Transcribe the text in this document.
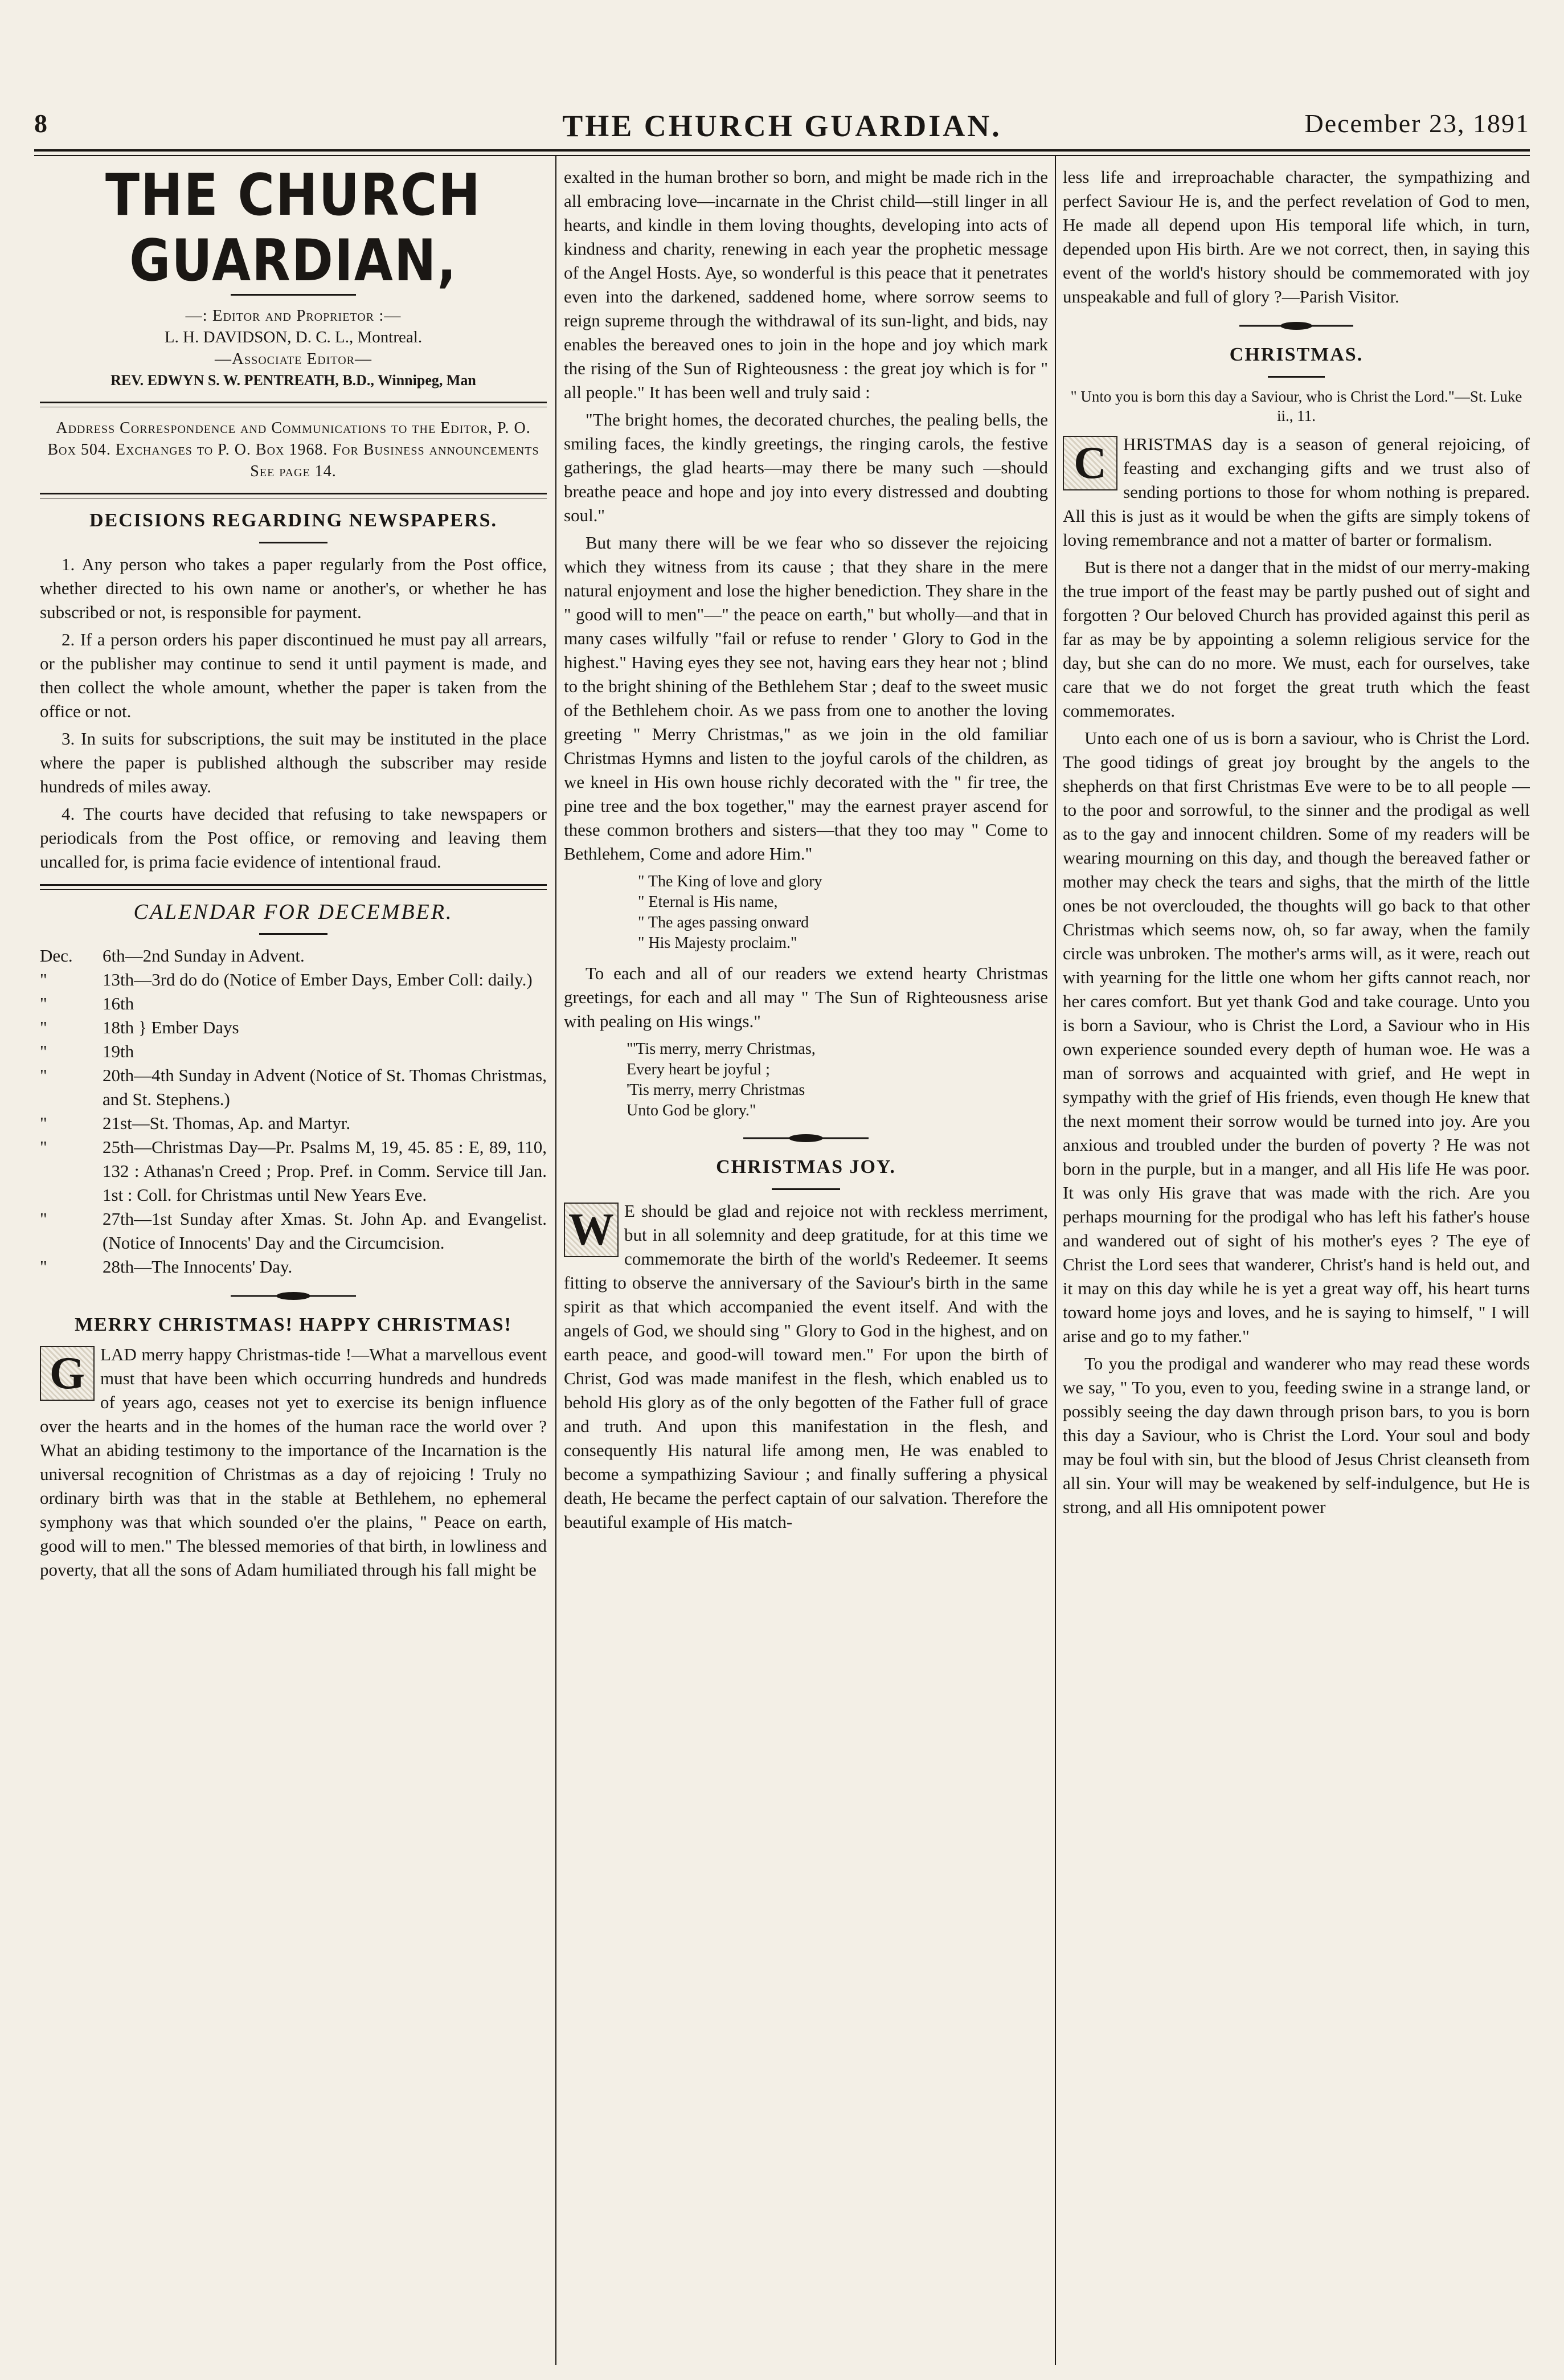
8	THE CHURCH GUARDIAN.	December 23, 1891
THE CHURCH GUARDIAN,
—: Editor and Proprietor :—
L. H. DAVIDSON, D. C. L., Montreal.
—Associate Editor—
REV. EDWYN S. W. PENTREATH, B.D., Winnipeg, Man

Address Correspondence and Communications to the Editor, P. O. Box 504. Exchanges to P. O. Box 1968. For Business announcements See page 14.

DECISIONS REGARDING NEWSPAPERS.

1. Any person who takes a paper regularly from the Post office, whether directed to his own name or another's, or whether he has subscribed or not, is responsible for payment.

2. If a person orders his paper discontinued he must pay all arrears, or the publisher may continue to send it until payment is made, and then collect the whole amount, whether the paper is taken from the office or not.

3. In suits for subscriptions, the suit may be instituted in the place where the paper is published although the subscriber may reside hundreds of miles away.

4. The courts have decided that refusing to take newspapers or periodicals from the Post office, or removing and leaving them uncalled for, is prima facie evidence of intentional fraud.

CALENDAR FOR DECEMBER.
Dec.	6th—2nd Sunday in Advent.
"	13th—3rd do do (Notice of Ember Days, Ember Coll: daily.)
"	16th
"	18th } Ember Days
"	19th
"	20th—4th Sunday in Advent (Notice of St. Thomas Christmas, and St. Stephens.)
"	21st—St. Thomas, Ap. and Martyr.
"	25th—Christmas Day—Pr. Psalms M, 19, 45. 85 : E, 89, 110, 132 : Athanas'n Creed ; Prop. Pref. in Comm. Service till Jan. 1st : Coll. for Christmas until New Years Eve.
"	27th—1st Sunday after Xmas. St. John Ap. and Evangelist. (Notice of Innocents' Day and the Circumcision.
"	28th—The Innocents' Day.
MERRY CHRISTMAS! HAPPY CHRISTMAS!

G LAD merry happy Christmas-tide !—What a marvellous event must that have been which occurring hundreds and hundreds of years ago, ceases not yet to exercise its benign influence over the hearts and in the homes of the human race the world over ? What an abiding testimony to the importance of the Incarnation is the universal recognition of Christmas as a day of rejoicing ! Truly no ordinary birth was that in the stable at Bethlehem, no ephemeral symphony was that which sounded o'er the plains, " Peace on earth, good will to men." The blessed memories of that birth, in lowliness and poverty, that all the sons of Adam humiliated through his fall might be

exalted in the human brother so born, and might be made rich in the all embracing love—incarnate in the Christ child—still linger in all hearts, and kindle in them loving thoughts, developing into acts of kindness and charity, renewing in each year the prophetic message of the Angel Hosts. Aye, so wonderful is this peace that it penetrates even into the darkened, saddened home, where sorrow seems to reign supreme through the withdrawal of its sun-light, and bids, nay enables the bereaved ones to join in the hope and joy which mark the rising of the Sun of Righteousness : the great joy which is for " all people." It has been well and truly said :

"The bright homes, the decorated churches, the pealing bells, the smiling faces, the kindly greetings, the ringing carols, the festive gatherings, the glad hearts—may there be many such —should breathe peace and hope and joy into every distressed and doubting soul."

But many there will be we fear who so dissever the rejoicing which they witness from its cause ; that they share in the mere natural enjoyment and lose the higher benediction. They share in the " good will to men"—" the peace on earth," but wholly—and that in many cases wilfully "fail or refuse to render ' Glory to God in the highest." Having eyes they see not, having ears they hear not ; blind to the bright shining of the Bethlehem Star ; deaf to the sweet music of the Bethlehem choir. As we pass from one to another the loving greeting " Merry Christmas," as we join in the old familiar Christmas Hymns and listen to the joyful carols of the children, as we kneel in His own house richly decorated with the " fir tree, the pine tree and the box together," may the earnest prayer ascend for these common brothers and sisters—that they too may " Come to Bethlehem, Come and adore Him."

" The King of love and glory
" Eternal is His name,
" The ages passing onward
" His Majesty proclaim."

To each and all of our readers we extend hearty Christmas greetings, for each and all may " The Sun of Righteousness arise with pealing on His wings."

"'Tis merry, merry Christmas,
Every heart be joyful ;
'Tis merry, merry Christmas
Unto God be glory."
CHRISTMAS JOY.

W E should be glad and rejoice not with reckless merriment, but in all solemnity and deep gratitude, for at this time we commemorate the birth of the world's Redeemer. It seems fitting to observe the anniversary of the Saviour's birth in the same spirit as that which accompanied the event itself. And with the angels of God, we should sing " Glory to God in the highest, and on earth peace, and good-will toward men." For upon the birth of Christ, God was made manifest in the flesh, which enabled us to behold His glory as of the only begotten of the Father full of grace and truth. And upon this manifestation in the flesh, and consequently His natural life among men, He was enabled to become a sympathizing Saviour ; and finally suffering a physical death, He became the perfect captain of our salvation. Therefore the beautiful example of His match-

less life and irreproachable character, the sympathizing and perfect Saviour He is, and the perfect revelation of God to men, He made all depend upon His temporal life which, in turn, depended upon His birth. Are we not correct, then, in saying this event of the world's history should be commemorated with joy unspeakable and full of glory ?—Parish Visitor.

CHRISTMAS.

" Unto you is born this day a Saviour, who is Christ the Lord."—St. Luke ii., 11.

C HRISTMAS day is a season of general rejoicing, of feasting and exchanging gifts and we trust also of sending portions to those for whom nothing is prepared. All this is just as it would be when the gifts are simply tokens of loving remembrance and not a matter of barter or formalism.

But is there not a danger that in the midst of our merry-making the true import of the feast may be partly pushed out of sight and forgotten ? Our beloved Church has provided against this peril as far as may be by appointing a solemn religious service for the day, but she can do no more. We must, each for ourselves, take care that we do not forget the great truth which the feast commemorates.

Unto each one of us is born a saviour, who is Christ the Lord. The good tidings of great joy brought by the angels to the shepherds on that first Christmas Eve were to be to all people —to the poor and sorrowful, to the sinner and the prodigal as well as to the gay and innocent children. Some of my readers will be wearing mourning on this day, and though the bereaved father or mother may check the tears and sighs, that the mirth of the little ones be not overclouded, the thoughts will go back to that other Christmas which seems now, oh, so far away, when the family circle was unbroken. The mother's arms will, as it were, reach out with yearning for the little one whom her gifts cannot reach, nor her cares comfort. But yet thank God and take courage. Unto you is born a Saviour, who is Christ the Lord, a Saviour who in His own experience sounded every depth of human woe. He was a man of sorrows and acquainted with grief, and He wept in sympathy with the grief of His friends, even though He knew that the next moment their sorrow would be turned into joy. Are you anxious and troubled under the burden of poverty ? He was not born in the purple, but in a manger, and all His life He was poor. It was only His grave that was made with the rich. Are you perhaps mourning for the prodigal who has left his father's house and wandered out of sight of his mother's eyes ? The eye of Christ the Lord sees that wanderer, Christ's hand is held out, and it may on this day while he is yet a great way off, his heart turns toward home joys and loves, and he is saying to himself, " I will arise and go to my father."

To you the prodigal and wanderer who may read these words we say, " To you, even to you, feeding swine in a strange land, or possibly seeing the day dawn through prison bars, to you is born this day a Saviour, who is Christ the Lord. Your soul and body may be foul with sin, but the blood of Jesus Christ cleanseth from all sin. Your will may be weakened by self-indulgence, but He is strong, and all His omnipotent power
